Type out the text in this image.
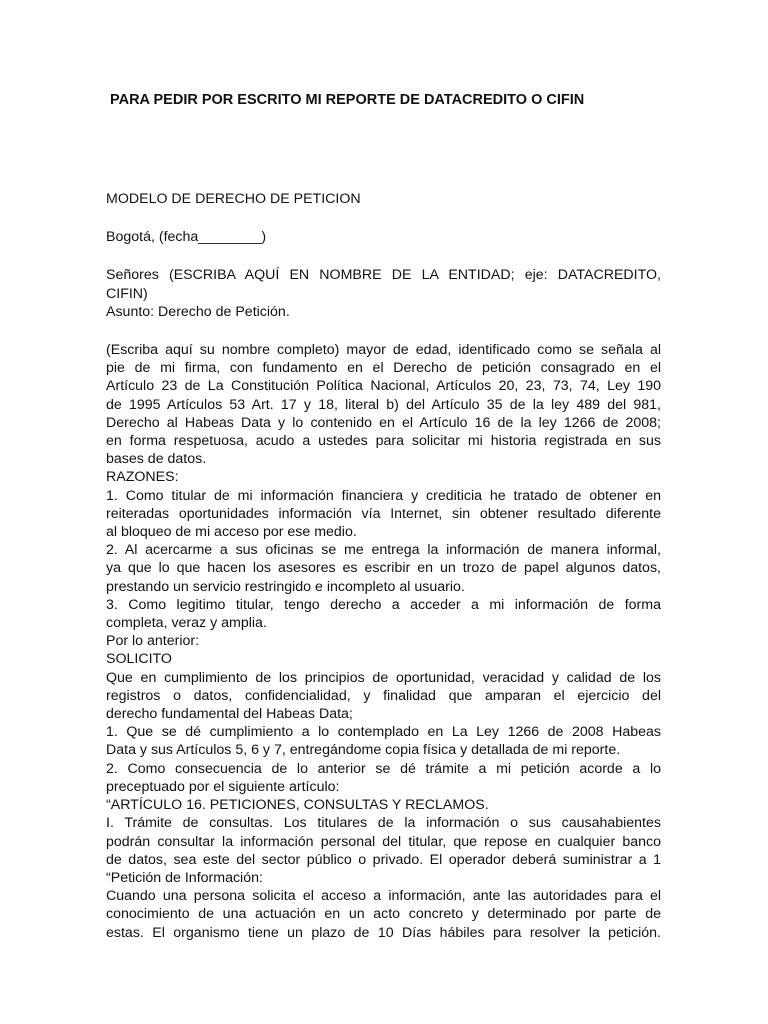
PARA PEDIR POR ESCRITO MI REPORTE DE DATACREDITO O CIFIN

MODELO DE DERECHO DE PETICION

Bogotá, (fecha________)

Señores (ESCRIBA AQUÍ EN NOMBRE DE LA ENTIDAD; eje: DATACREDITO,
CIFIN)
Asunto: Derecho de Petición.

(Escriba aquí su nombre completo) mayor de edad, identificado como se señala al
pie de mi firma, con fundamento en el Derecho de petición consagrado en el
Artículo 23 de La Constitución Política Nacional, Artículos 20, 23, 73, 74, Ley 190
de 1995 Artículos 53 Art. 17 y 18, literal b) del Artículo 35 de la ley 489 del 981,
Derecho al Habeas Data y lo contenido en el Artículo 16 de la ley 1266 de 2008;
en forma respetuosa, acudo a ustedes para solicitar mi historia registrada en sus
bases de datos.
RAZONES:
1. Como titular de mi información financiera y crediticia he tratado de obtener en
reiteradas oportunidades información vía Internet, sin obtener resultado diferente
al bloqueo de mi acceso por ese medio.
2. Al acercarme a sus oficinas se me entrega la información de manera informal,
ya que lo que hacen los asesores es escribir en un trozo de papel algunos datos,
prestando un servicio restringido e incompleto al usuario.
3. Como legitimo titular, tengo derecho a acceder a mi información de forma
completa, veraz y amplia.
Por lo anterior:
SOLICITO
Que en cumplimiento de los principios de oportunidad, veracidad y calidad de los
registros o datos, confidencialidad, y finalidad que amparan el ejercicio del
derecho fundamental del Habeas Data;
1. Que se dé cumplimiento a lo contemplado en La Ley 1266 de 2008 Habeas
Data y sus Artículos 5, 6 y 7, entregándome copia física y detallada de mi reporte.
2. Como consecuencia de lo anterior se dé trámite a mi petición acorde a lo
preceptuado por el siguiente artículo:
“ARTÍCULO 16. PETICIONES, CONSULTAS Y RECLAMOS.
I. Trámite de consultas. Los titulares de la información o sus causahabientes
podrán consultar la información personal del titular, que repose en cualquier banco
de datos, sea este del sector público o privado. El operador deberá suministrar a 1
“Petición de Información:
Cuando una persona solicita el acceso a información, ante las autoridades para el
conocimiento de una actuación en un acto concreto y determinado por parte de
estas. El organismo tiene un plazo de 10 Días hábiles para resolver la petición.
